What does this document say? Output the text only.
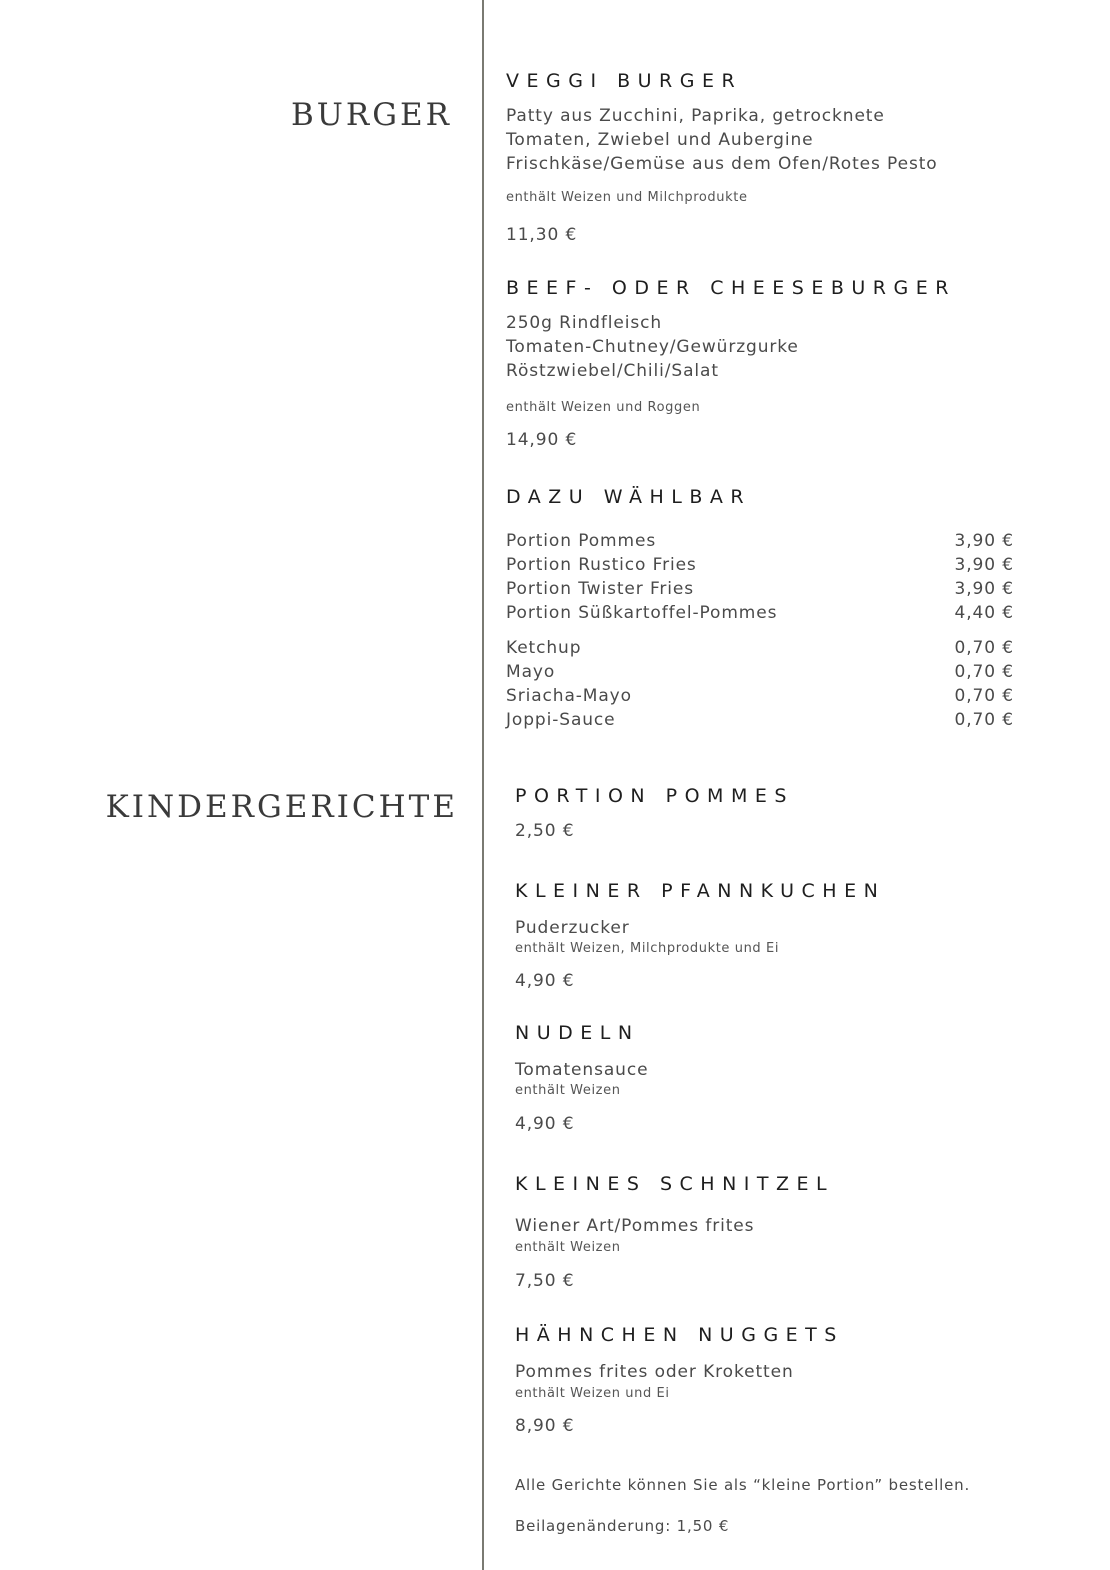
BURGER
KINDERGERICHTE
VEGGI BURGER
Patty aus Zucchini, Paprika, getrocknete
Tomaten, Zwiebel und Aubergine
Frischkäse/Gemüse aus dem Ofen/Rotes Pesto
enthält Weizen und Milchprodukte
11,30 €
BEEF- ODER CHEESEBURGER
250g Rindfleisch
Tomaten-Chutney/Gewürzgurke
Röstzwiebel/Chili/Salat
enthält Weizen und Roggen
14,90 €
DAZU WÄHLBAR
Portion Pommes	3,90 €
Portion Rustico Fries	3,90 €
Portion Twister Fries	3,90 €
Portion Süßkartoffel-Pommes	4,40 €
Ketchup	0,70 €
Mayo	0,70 €
Sriacha-Mayo	0,70 €
Joppi-Sauce	0,70 €
PORTION POMMES
2,50 €
KLEINER PFANNKUCHEN
Puderzucker
enthält Weizen, Milchprodukte und Ei
4,90 €
NUDELN
Tomatensauce
enthält Weizen
4,90 €
KLEINES SCHNITZEL
Wiener Art/Pommes frites
enthält Weizen
7,50 €
HÄHNCHEN NUGGETS
Pommes frites oder Kroketten
enthält Weizen und Ei
8,90 €
Alle Gerichte können Sie als “kleine Portion” bestellen.
Beilagenänderung: 1,50 €
